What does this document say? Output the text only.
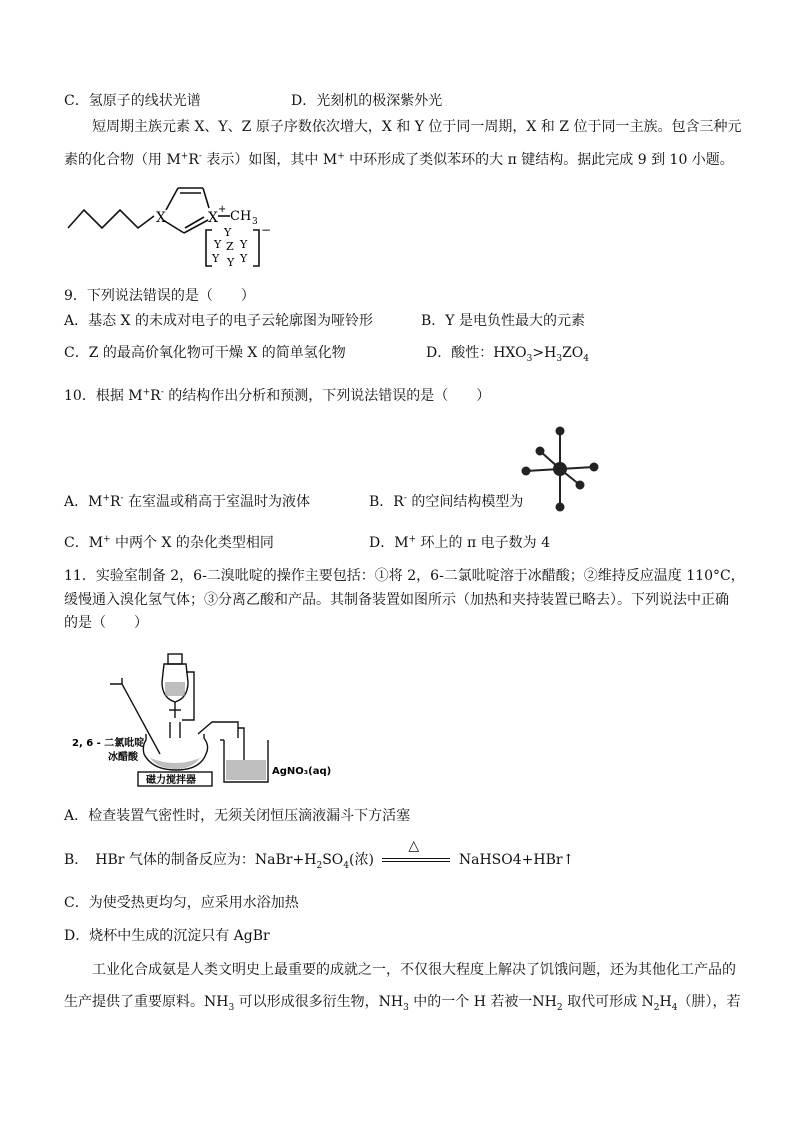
C．氢原子的线状光谱	D．光刻机的极深紫外光
短周期主族元素 X、Y、Z 原子序数依次增大，X 和 Y 位于同一周期，X 和 Z 位于同一主族。包含三种元
素的化合物（用 M+R- 表示）如图，其中 M+ 中环形成了类似苯环的大 π 键结构。据此完成 9 到 10 小题。
X	X
+ CH 3
Y
Y Z Y
Y Y Y
−
9．下列说法错误的是（　　）
A．基态 X 的未成对电子的电子云轮廓图为哑铃形	B．Y 是电负性最大的元素
C．Z 的最高价氧化物可干燥 X 的简单氢化物	D．酸性：$HXO_3>H_3ZO_4$
10．根据 M+R- 的结构作出分析和预测，下列说法错误的是（　　）
A．M+R- 在室温或稍高于室温时为液体	B．R- 的空间结构模型为
C．M+ 中两个 X 的杂化类型相同	D．M+ 环上的 π 电子数为 4
11．实验室制备 2，6-二溴吡啶的操作主要包括：①将 2，6-二氯吡啶溶于冰醋酸；②维持反应温度 110°C，
缓慢通入溴化氢气体；③分离乙酸和产品。其制备装置如图所示（加热和夹持装置已略去）。下列说法中正确
的是（　　）
2, 6 - 二氯吡啶
冰醋酸
磁力搅拌器
AgNO₃(aq)
A．检查装置气密性时，无须关闭恒压滴液漏斗下方活塞
B．　HBr 气体的制备反应为：$NaBr+H_2SO_4$(浓)
△
NaHSO4+HBr↑
C．为使受热更均匀，应采用水浴加热
D．烧杯中生成的沉淀只有 AgBr
工业化合成氨是人类文明史上最重要的成就之一，不仅很大程度上解决了饥饿问题，还为其他化工产品的
生产提供了重要原料。$NH_3$ 可以形成很多衍生物，$NH_3$ 中的一个 H 若被一$NH_2$ 取代可形成 $N_2H_4$（肼），若
